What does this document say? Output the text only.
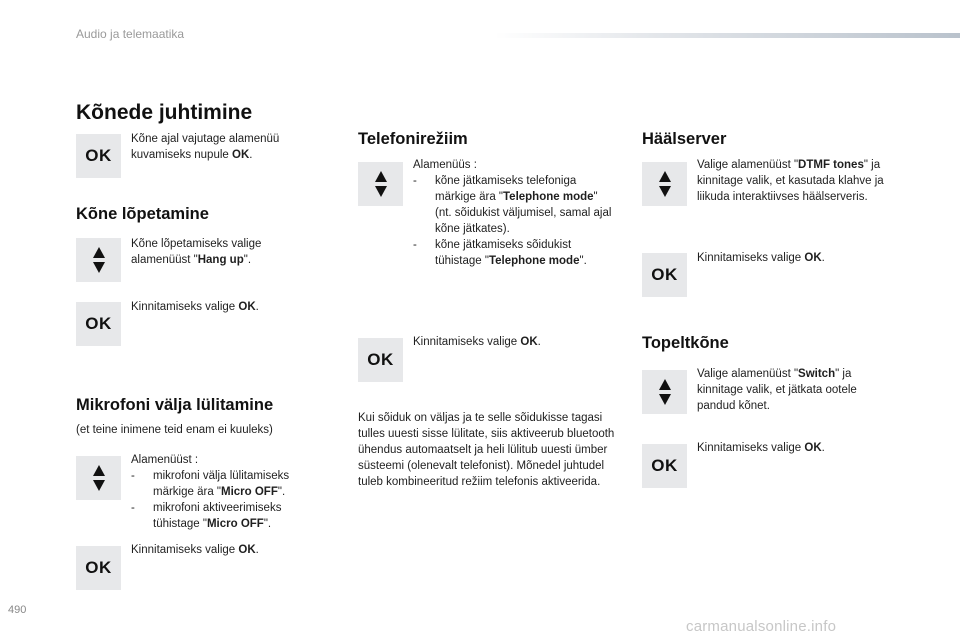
Audio ja telemaatika
Kõnede juhtimine
OK
Kõne ajal vajutage alamenüü kuvamiseks nupule OK.
Kõne lõpetamine
Kõne lõpetamiseks valige alamenüüst "Hang up".
OK
Kinnitamiseks valige OK.
Mikrofoni välja lülitamine
(et teine inimene teid enam ei kuuleks)
Alamenüüst :
- mikrofoni välja lülitamiseks märkige ära "Micro OFF".
- mikrofoni aktiveerimiseks tühistage "Micro OFF".
OK
Kinnitamiseks valige OK.
Telefonirežiim
Alamenüüs :
- kõne jätkamiseks telefoniga märkige ära "Telephone mode" (nt. sõidukist väljumisel, samal ajal kõne jätkates).
- kõne jätkamiseks sõidukist tühistage "Telephone mode".
OK
Kinnitamiseks valige OK.
Kui sõiduk on väljas ja te selle sõidukisse tagasi tulles uuesti sisse lülitate, siis aktiveerub bluetooth ühendus automaatselt ja heli lülitub uuesti ümber süsteemi (olenevalt telefonist). Mõnedel juhtudel tuleb kombineeritud režiim telefonis aktiveerida.
Häälserver
Valige alamenüüst "DTMF tones" ja kinnitage valik, et kasutada klahve ja liikuda interaktiivses häälserveris.
OK
Kinnitamiseks valige OK.
Topeltkõne
Valige alamenüüst "Switch" ja kinnitage valik, et jätkata ootele pandud kõnet.
OK
Kinnitamiseks valige OK.
490
carmanualsonline.info
